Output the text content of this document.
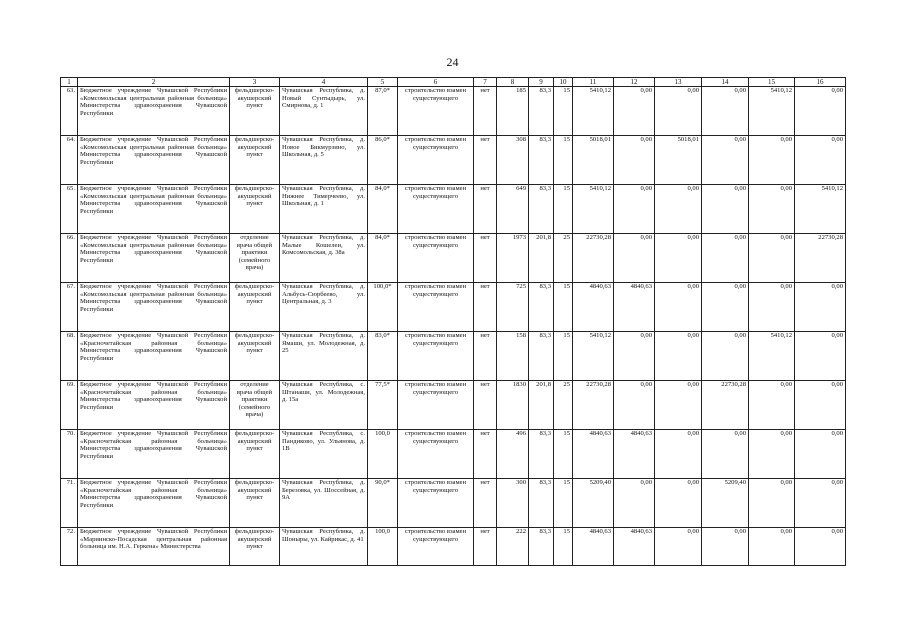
24
1	2	3	4	5	6	7	8	9	10	11	12	13	14	15	16
63.	Бюджетное учреждение Чувашской Республики «Комсомольская центральная районная больница» Министерства здравоохранения Чувашской Республики	фельдшерско-акушерский пункт	Чувашская Республика, д. Новый Сунтыдырь, ул. Смирнова, д. 1	87,0*	строительство взамен существующего	нет	185	83,3	15	5410,12	0,00	0,00	0,00	5410,12	0,00
64.	Бюджетное учреждение Чувашской Республики «Комсомольская центральная районная больница» Министерства здравоохранения Чувашской Республики	фельдшерско-акушерский пункт	Чувашская Республика, д. Новое Бикмурзино, ул. Школьная, д. 5	86,0*	строительство взамен существующего	нет	308	83,3	15	5018,01	0,00	5018,01	0,00	0,00	0,00
65.	Бюджетное учреждение Чувашской Республики «Комсомольская центральная районная больница» Министерства здравоохранения Чувашской Республики	фельдшерско-акушерский пункт	Чувашская Республика, д. Нижнее Тимерчеево, ул. Школьная, д. 1	84,0*	строительство взамен существующего	нет	649	83,3	15	5410,12	0,00	0,00	0,00	0,00	5410,12
66.	Бюджетное учреждение Чувашской Республики «Комсомольская центральная районная больница» Министерства здравоохранения Чувашской Республики	отделение врача общей практики (семейного врача)	Чувашская Республика, д. Малые Кошелеи, ул. Комсомольская, д. 38а	84,0*	строительство взамен существующего	нет	1973	201,8	25	22730,28	0,00	0,00	0,00	0,00	22730,28
67.	Бюджетное учреждение Чувашской Республики «Комсомольская центральная районная больница» Министерства здравоохранения Чувашской Республики	фельдшерско-акушерский пункт	Чувашская Республика, д. Альбусь-Сюрбеево, ул. Центральная, д. 3	100,0*	строительство взамен существующего	нет	725	83,3	15	4840,63	4840,63	0,00	0,00	0,00	0,00
68.	Бюджетное учреждение Чувашской Республики «Красночетайская районная больница» Министерства здравоохранения Чувашской Республики	фельдшерско-акушерский пункт	Чувашская Республика, д. Ямаши, ул. Молодежная, д. 25	83,0*	строительство взамен существующего	нет	158	83,3	15	5410,12	0,00	0,00	0,00	5410,12	0,00
69.	Бюджетное учреждение Чувашской Республики «Красночетайская районная больница» Министерства здравоохранения Чувашской Республики	отделение врача общей практики (семейного врача)	Чувашская Республика, с. Штанаши, ул. Молодежная, д. 15а	77,5*	строительство взамен существующего	нет	1830	201,8	25	22730,28	0,00	0,00	22730,28	0,00	0,00
70.	Бюджетное учреждение Чувашской Республики «Красночетайская районная больница» Министерства здравоохранения Чувашской Республики	фельдшерско-акушерский пункт	Чувашская Республика, с. Пандиково, ул. Ульянова, д. 1В	100,0	строительство взамен существующего	нет	496	83,3	15	4840,63	4840,63	0,00	0,00	0,00	0,00
71.	Бюджетное учреждение Чувашской Республики «Красночетайская районная больница» Министерства здравоохранения Чувашской Республики	фельдшерско-акушерский пункт	Чувашская Республика, д. Березовка, ул. Шоссейная, д. 9А	90,0*	строительство взамен существующего	нет	300	83,3	15	5209,40	0,00	0,00	5209,40	0,00	0,00
72.	Бюджетное учреждение Чувашской Республики «Мариинско-Посадская центральная районная больница им. Н.А. Геркена» Министерства	фельдшерско-акушерский пункт	Чувашская Республика, д. Шоныры, ул. Кайрикас, д. 41	100,0	строительство взамен существующего	нет	222	83,3	15	4840,63	4840,63	0,00	0,00	0,00	0,00
